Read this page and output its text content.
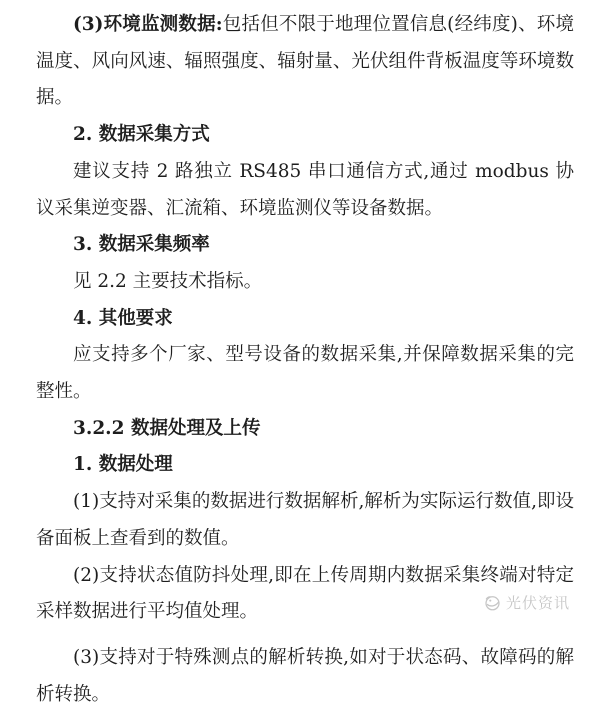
(3)环境监测数据:包括但不限于地理位置信息(经纬度)、环境温度、风向风速、辐照强度、辐射量、光伏组件背板温度等环境数据。

2. 数据采集方式

建议支持 2 路独立 RS485 串口通信方式,通过 modbus 协议采集逆变器、汇流箱、环境监测仪等设备数据。

3. 数据采集频率

见 2.2 主要技术指标。

4. 其他要求

应支持多个厂家、型号设备的数据采集,并保障数据采集的完整性。

3.2.2 数据处理及上传

1. 数据处理

(1)支持对采集的数据进行数据解析,解析为实际运行数值,即设备面板上查看到的数值。

(2)支持状态值防抖处理,即在上传周期内数据采集终端对特定采样数据进行平均值处理。

(3)支持对于特殊测点的解析转换,如对于状态码、故障码的解析转换。

光伏资讯
